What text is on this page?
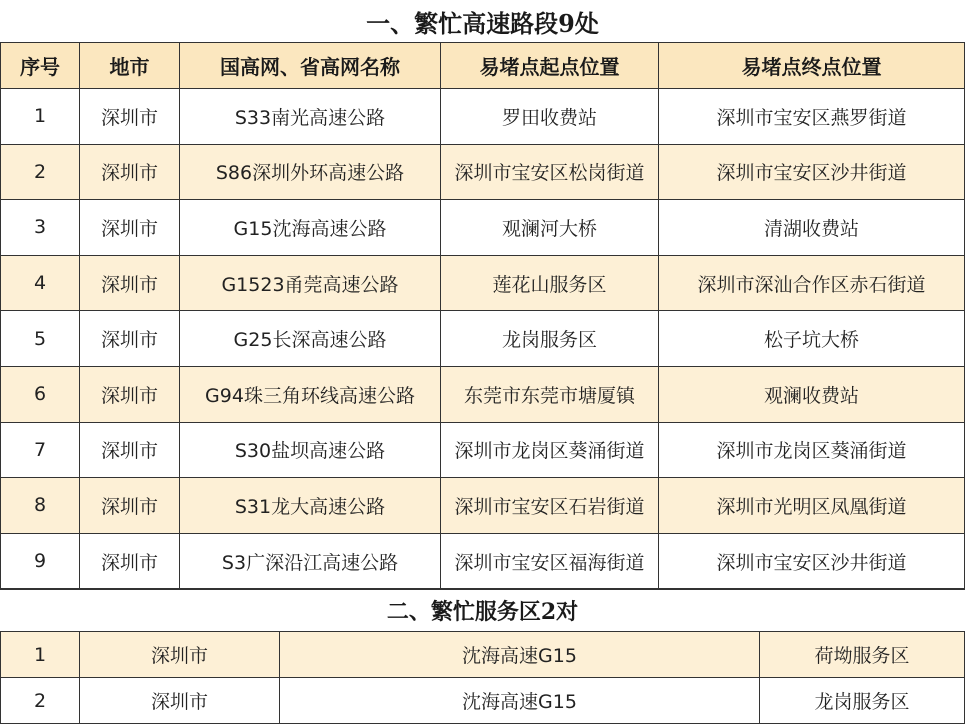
一、繁忙高速路段9处
序号	地市	国高网、省高网名称	易堵点起点位置	易堵点终点位置
1	深圳市	S33南光高速公路	罗田收费站	深圳市宝安区燕罗街道
2	深圳市	S86深圳外环高速公路	深圳市宝安区松岗街道	深圳市宝安区沙井街道
3	深圳市	G15沈海高速公路	观澜河大桥	清湖收费站
4	深圳市	G1523甬莞高速公路	莲花山服务区	深圳市深汕合作区赤石街道
5	深圳市	G25长深高速公路	龙岗服务区	松子坑大桥
6	深圳市	G94珠三角环线高速公路	东莞市东莞市塘厦镇	观澜收费站
7	深圳市	S30盐坝高速公路	深圳市龙岗区葵涌街道	深圳市龙岗区葵涌街道
8	深圳市	S31龙大高速公路	深圳市宝安区石岩街道	深圳市光明区凤凰街道
9	深圳市	S3广深沿江高速公路	深圳市宝安区福海街道	深圳市宝安区沙井街道
二、繁忙服务区2对
1	深圳市	沈海高速G15	荷坳服务区
2	深圳市	沈海高速G15	龙岗服务区
